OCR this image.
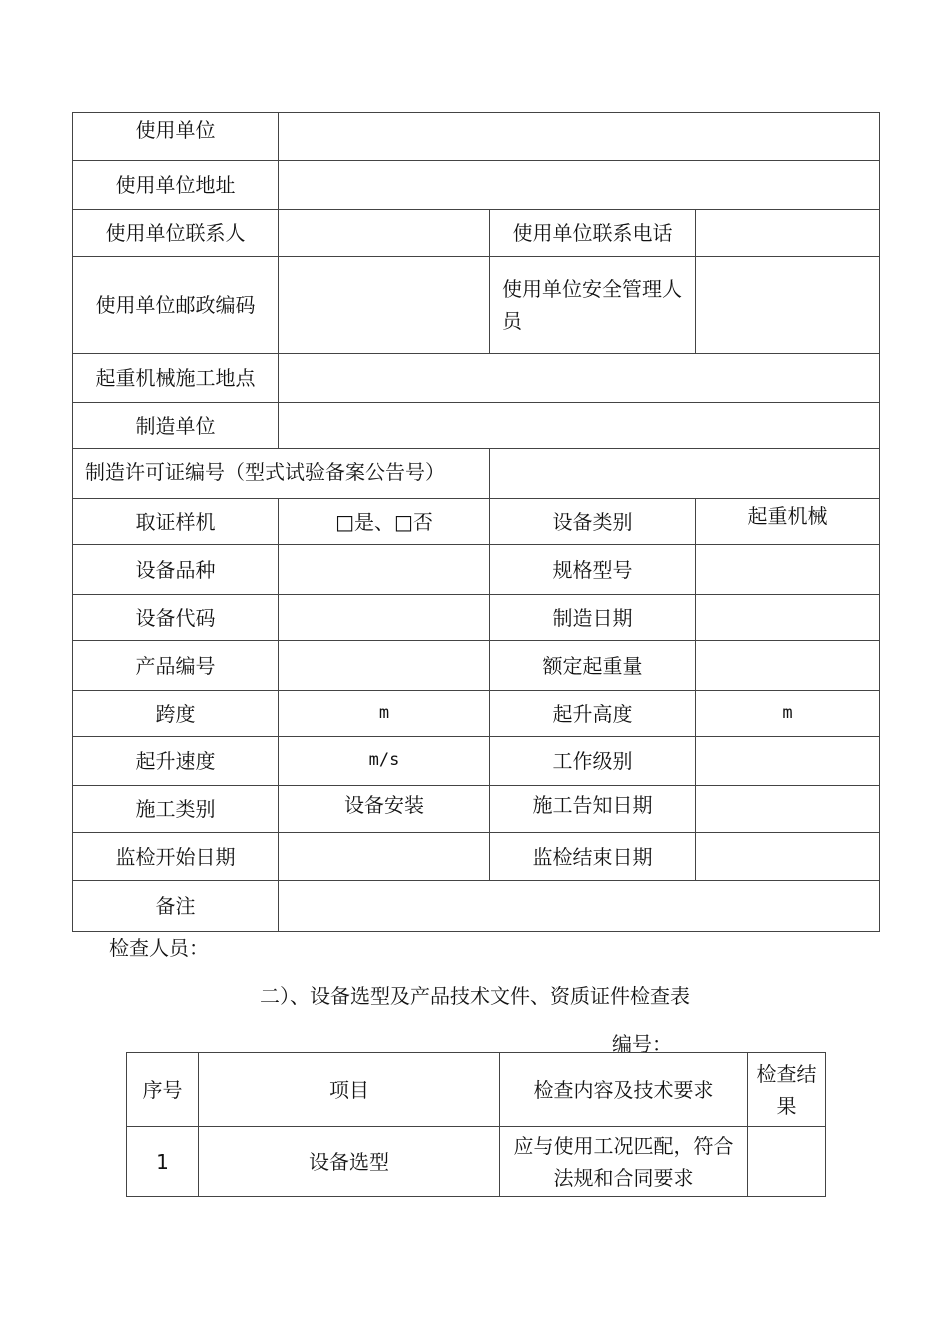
使用单位			
使用单位地址			
使用单位联系人		使用单位联系电话	
使用单位邮政编码		使用单位安全管理人员	
起重机械施工地点			
制造单位			

制造许可证编号（型式试验备案公告号）			

取证样机	□是、□否	设备类别	起重机械
设备品种		规格型号	
设备代码		制造日期	
产品编号		额定起重量	
跨度	m	起升高度	m
起升速度	m/s	工作级别	
施工类别	设备安装	施工告知日期	
监检开始日期		监检结束日期	
备注			
检查人员：
二）、设备选型及产品技术文件、资质证件检查表
编号：
序号	项目	检查内容及技术要求	检查结果
1	设备选型	应与使用工况匹配，符合法规和合同要求	
